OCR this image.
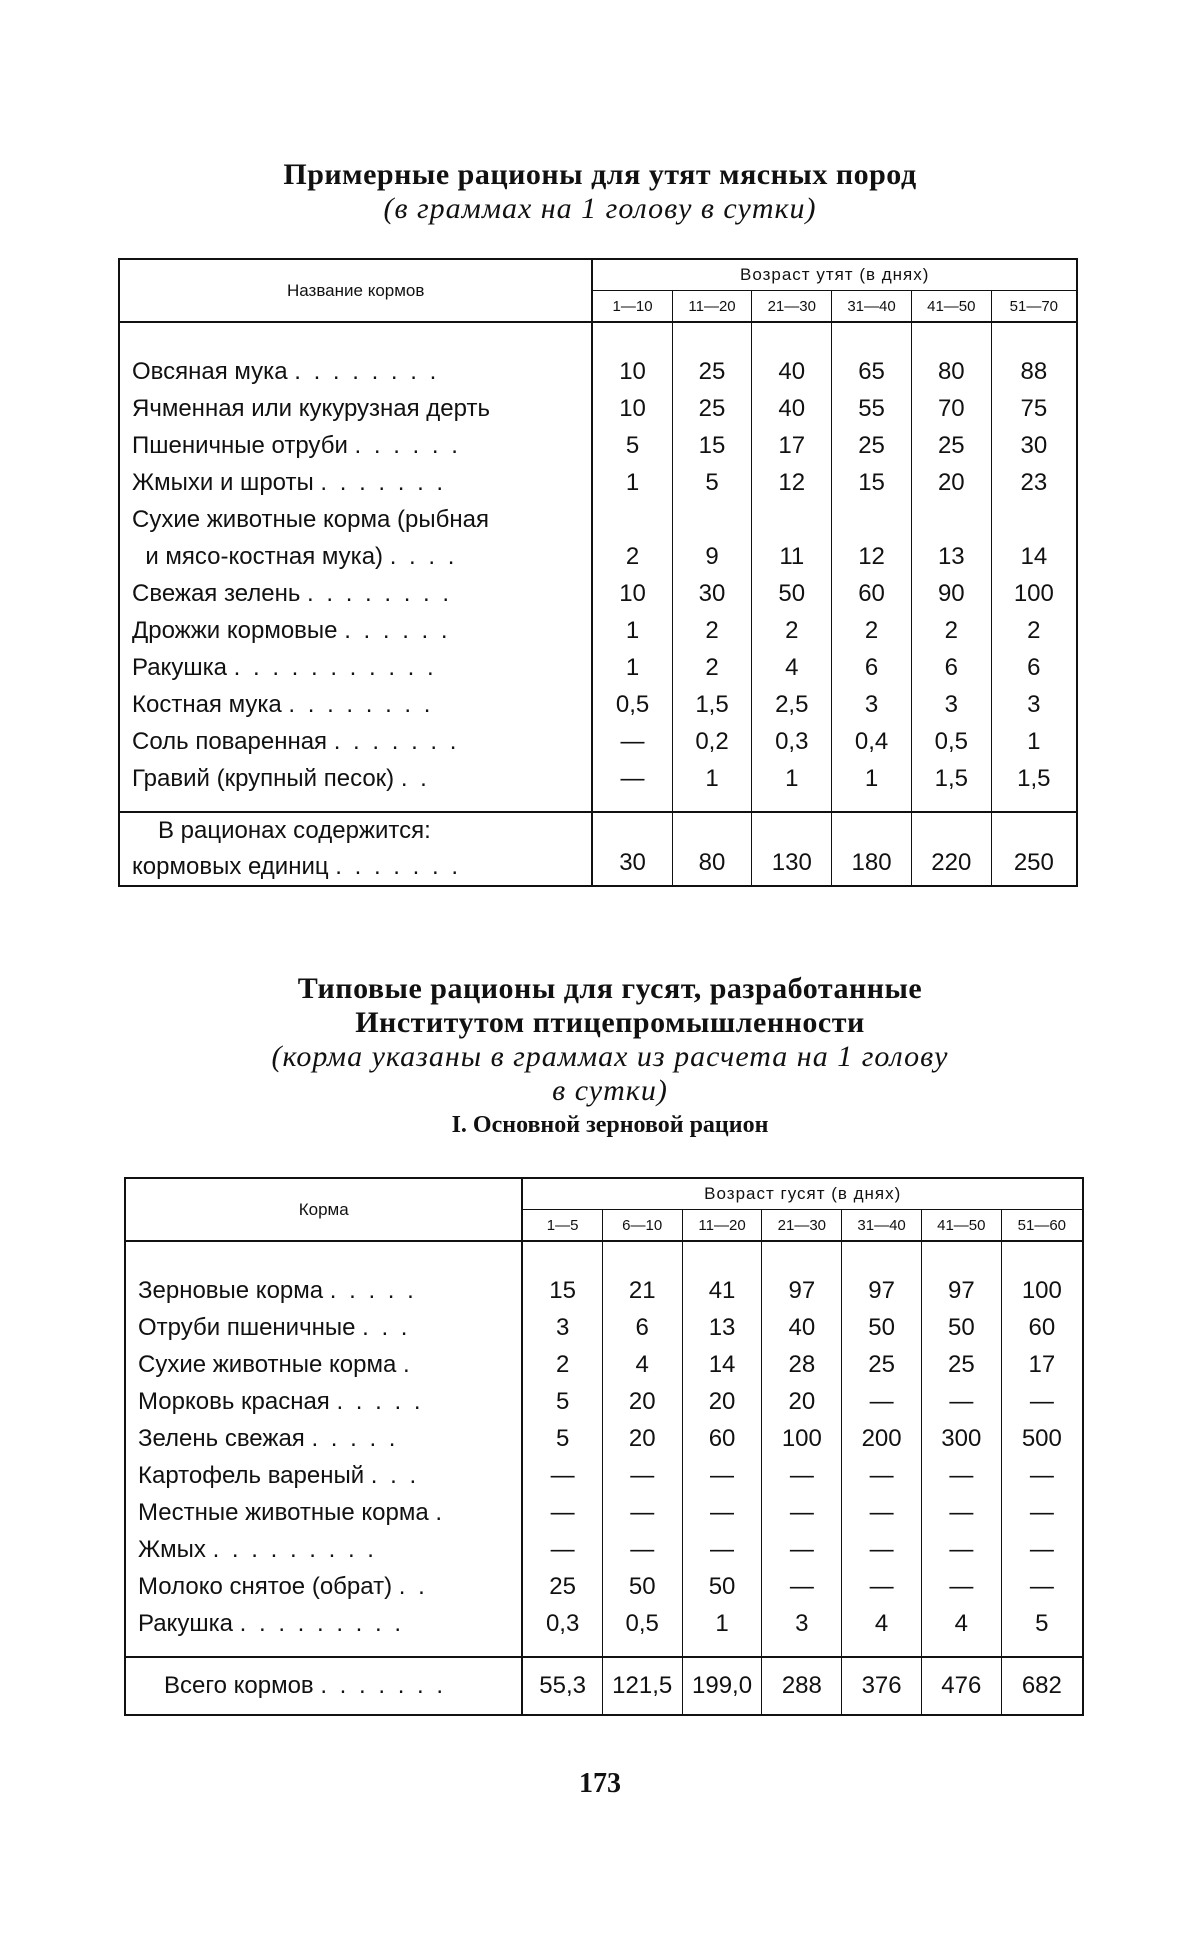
Примерные рационы для утят мясных пород
(в граммах на 1 голову в сутки)
Название кормов	Возраст утят (в днях)					
	1—10	11—20	21—30	31—40	41—50	51—70

Овсяная мука . . . . . . . .	10	25	40	65	80	88
Ячменная или кукурузная дерть	10	25	40	55	70	75
Пшеничные отруби . . . . . .	5	15	17	25	25	30
Жмыхи и шроты . . . . . . .	1	5	12	15	20	23
Сухие животные корма (рыбная						
и мясо-костная мука) . . . .	2	9	11	12	13	14
Свежая зелень . . . . . . . .	10	30	50	60	90	100
Дрожжи кормовые . . . . . .	1	2	2	2	2	2
Ракушка . . . . . . . . . . .	1	2	4	6	6	6
Костная мука . . . . . . . .	0,5	1,5	2,5	3	3	3
Соль поваренная . . . . . . .	—	0,2	0,3	0,4	0,5	1
Гравий (крупный песок) . .	—	1	1	1	1,5	1,5

В рационах содержится:
кормовых единиц . . . . . . .	30	80	130	180	220	250
Типовые рационы для гусят, разработанные
Институтом птицепромышленности
(корма указаны в граммах из расчета на 1 голову
в сутки)
I. Основной зерновой рацион
Корма	Возраст гусят (в днях)						
	1—5	6—10	11—20	21—30	31—40	41—50	51—60

Зерновые корма . . . . .	15	21	41	97	97	97	100
Отруби пшеничные . . .	3	6	13	40	50	50	60
Сухие животные корма .	2	4	14	28	25	25	17
Морковь красная . . . . .	5	20	20	20	—	—	—
Зелень свежая . . . . .	5	20	60	100	200	300	500
Картофель вареный . . .	—	—	—	—	—	—	—
Местные животные корма .	—	—	—	—	—	—	—
Жмых . . . . . . . . .	—	—	—	—	—	—	—
Молоко снятое (обрат) . .	25	50	50	—	—	—	—
Ракушка . . . . . . . . .	0,3	0,5	1	3	4	4	5

Всего кормов . . . . . . .	55,3	121,5	199,0	288	376	476	682
173
